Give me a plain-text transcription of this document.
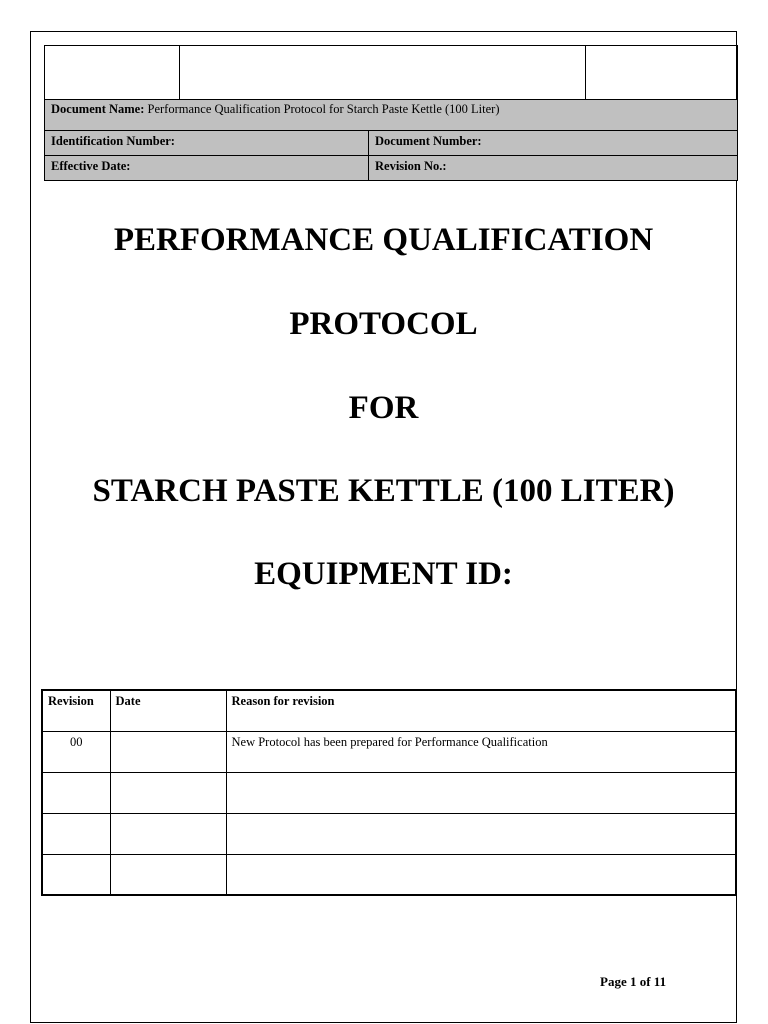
Document Name: Performance Qualification Protocol for Starch Paste Kettle (100 Liter)
Identification Number:	Document Number:
Effective Date:	Revision No.:
PERFORMANCE QUALIFICATION
PROTOCOL
FOR
STARCH PASTE KETTLE (100 LITER)
EQUIPMENT ID:
Revision	Date	Reason for revision
00		New Protocol has been prepared for Performance Qualification

Page 1 of 11
